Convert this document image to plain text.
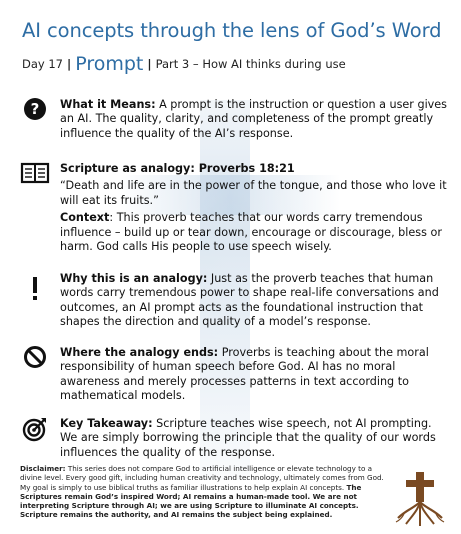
AI concepts through the lens of God’s Word
Day 17 | Prompt | Part 3 – How AI thinks during use
? What it Means: A prompt is the instruction or question a user gives an AI. The quality, clarity, and completeness of the prompt greatly influence the quality of the AI’s response.

Scripture as analogy: Proverbs 18:21

“Death and life are in the power of the tongue, and those who love it will eat its fruits.”

Context: This proverb teaches that our words carry tremendous influence – build up or tear down, encourage or discourage, bless or harm. God calls His people to use speech wisely.

Why this is an analogy: Just as the proverb teaches that human words carry tremendous power to shape real-life conversations and outcomes, an AI prompt acts as the foundational instruction that shapes the direction and quality of a model’s response.

Where the analogy ends: Proverbs is teaching about the moral responsibility of human speech before God. AI has no moral awareness and merely processes patterns in text according to mathematical models.

Key Takeaway: Scripture teaches wise speech, not AI prompting. We are simply borrowing the principle that the quality of our words influences the quality of the response.

Disclaimer: This series does not compare God to artificial intelligence or elevate technology to a divine level. Every good gift, including human creativity and technology, ultimately comes from God. My goal is simply to use biblical truths as familiar illustrations to help explain AI concepts. The Scriptures remain God’s inspired Word; AI remains a human-made tool. We are not interpreting Scripture through AI; we are using Scripture to illuminate AI concepts. Scripture remains the authority, and AI remains the subject being explained.
